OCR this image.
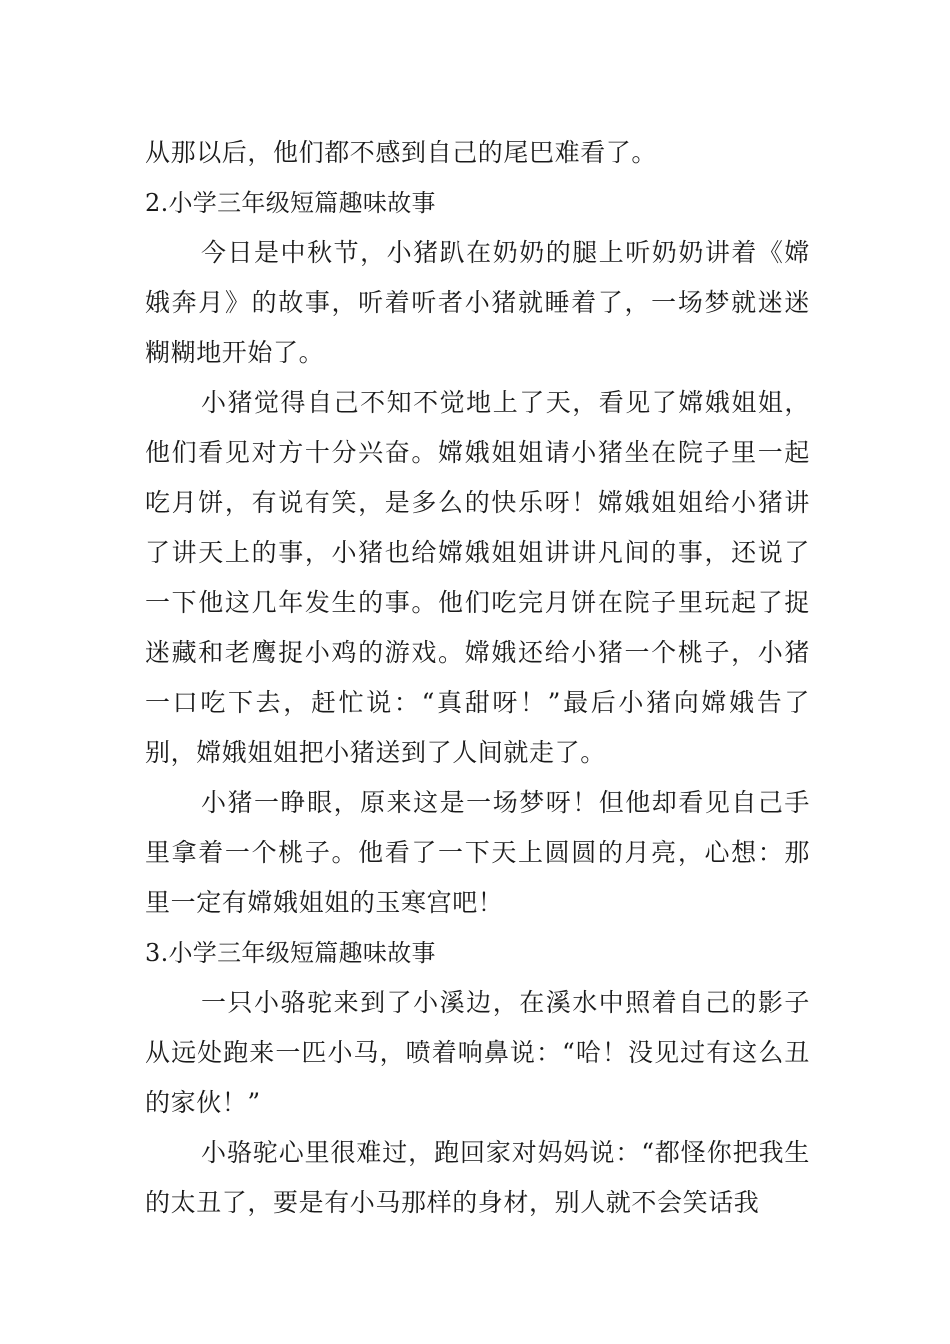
从那以后，他们都不感到自己的尾巴难看了。
2.小学三年级短篇趣味故事

今日是中秋节，小猪趴在奶奶的腿上听奶奶讲着《嫦娥奔月》的故事，听着听者小猪就睡着了，一场梦就迷迷糊糊地开始了。

小猪觉得自己不知不觉地上了天，看见了嫦娥姐姐，他们看见对方十分兴奋。嫦娥姐姐请小猪坐在院子里一起吃月饼，有说有笑，是多么的快乐呀！嫦娥姐姐给小猪讲了讲天上的事，小猪也给嫦娥姐姐讲讲凡间的事，还说了一下他这几年发生的事。他们吃完月饼在院子里玩起了捉迷藏和老鹰捉小鸡的游戏。嫦娥还给小猪一个桃子，小猪一口吃下去，赶忙说：“真甜呀！”最后小猪向嫦娥告了别，嫦娥姐姐把小猪送到了人间就走了。

小猪一睁眼，原来这是一场梦呀！但他却看见自己手里拿着一个桃子。他看了一下天上圆圆的月亮，心想：那里一定有嫦娥姐姐的玉寒宫吧！

3.小学三年级短篇趣味故事

一只小骆驼来到了小溪边，在溪水中照着自己的影子从远处跑来一匹小马，喷着响鼻说：“哈！没见过有这么丑的家伙！”

小骆驼心里很难过，跑回家对妈妈说：“都怪你把我生的太丑了，要是有小马那样的身材，别人就不会笑话我
